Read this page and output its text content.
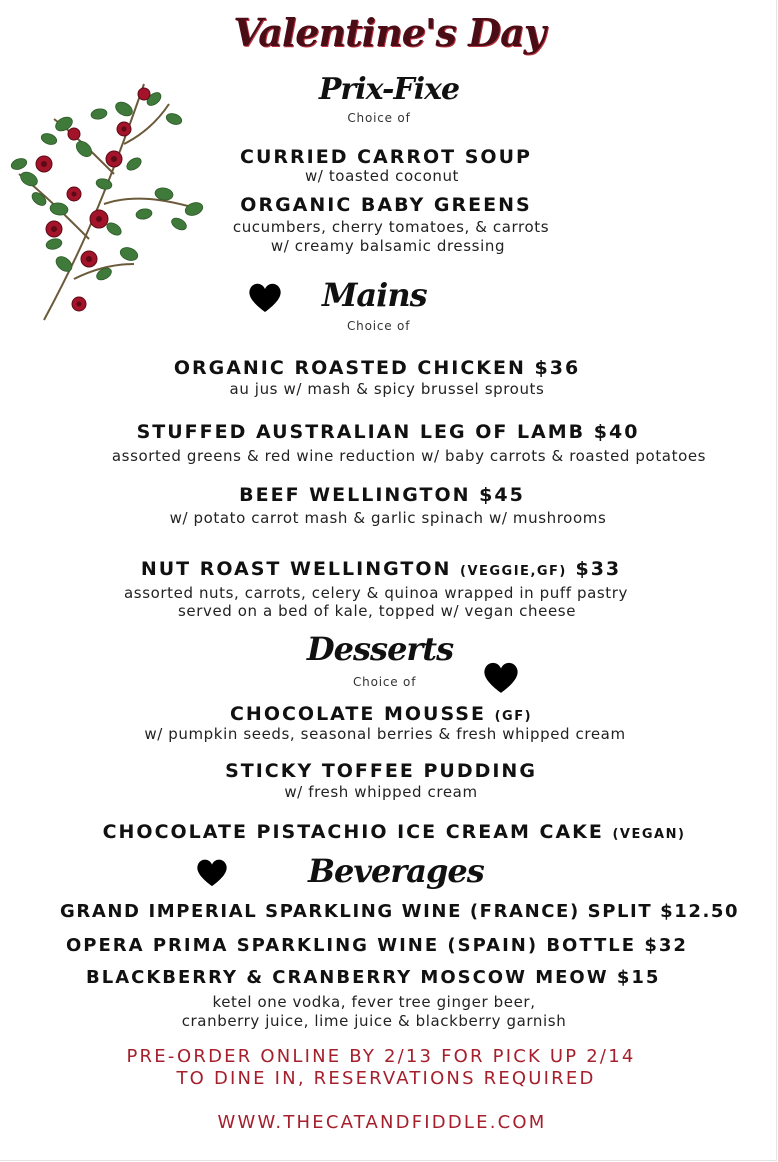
Valentine's Day
Prix-Fixe
Choice of
CURRIED CARROT SOUP
w/ toasted coconut
ORGANIC BABY GREENS
cucumbers, cherry tomatoes, & carrots
w/ creamy balsamic dressing
Mains
Choice of
ORGANIC ROASTED CHICKEN $36
au jus w/ mash & spicy brussel sprouts
STUFFED AUSTRALIAN LEG OF LAMB $40
assorted greens & red wine reduction w/ baby carrots & roasted potatoes
BEEF WELLINGTON $45
w/ potato carrot mash & garlic spinach w/ mushrooms
NUT ROAST WELLINGTON (VEGGIE,GF) $33
assorted nuts, carrots, celery & quinoa wrapped in puff pastry
served on a bed of kale, topped w/ vegan cheese
Desserts
Choice of
CHOCOLATE MOUSSE (GF)
w/ pumpkin seeds, seasonal berries & fresh whipped cream
STICKY TOFFEE PUDDING
w/ fresh whipped cream
CHOCOLATE PISTACHIO ICE CREAM CAKE (VEGAN)
Beverages
GRAND IMPERIAL SPARKLING WINE (FRANCE) SPLIT $12.50
OPERA PRIMA SPARKLING WINE (SPAIN) BOTTLE $32
BLACKBERRY & CRANBERRY MOSCOW MEOW $15
ketel one vodka, fever tree ginger beer,
cranberry juice, lime juice & blackberry garnish
PRE-ORDER ONLINE BY 2/13 FOR PICK UP 2/14
TO DINE IN, RESERVATIONS REQUIRED
WWW.THECATANDFIDDLE.COM
